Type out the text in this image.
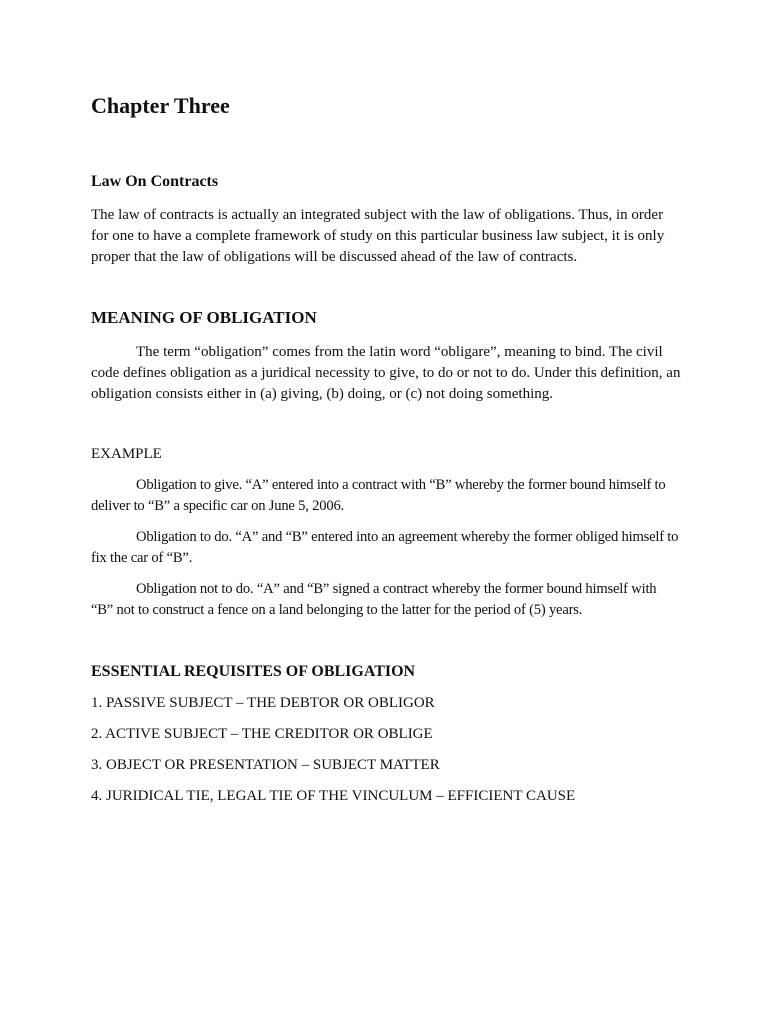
Chapter Three
Law On Contracts

The law of contracts is actually an integrated subject with the law of obligations. Thus, in order for one to have a complete framework of study on this particular business law subject, it is only proper that the law of obligations will be discussed ahead of the law of contracts.

MEANING OF OBLIGATION

The term “obligation” comes from the latin word “obligare”, meaning to bind. The civil code defines obligation as a juridical necessity to give, to do or not to do. Under this definition, an obligation consists either in (a) giving, (b) doing, or (c) not doing something.

EXAMPLE

Obligation to give. “A” entered into a contract with “B” whereby the former bound himself to deliver to “B” a specific car on June 5, 2006.

Obligation to do. “A” and “B” entered into an agreement whereby the former obliged himself to fix the car of “B”.

Obligation not to do. “A” and “B” signed a contract whereby the former bound himself with “B” not to construct a fence on a land belonging to the latter for the period of (5) years.

ESSENTIAL REQUISITES OF OBLIGATION
1. PASSIVE SUBJECT – THE DEBTOR OR OBLIGOR
2. ACTIVE SUBJECT – THE CREDITOR OR OBLIGE
3. OBJECT OR PRESENTATION – SUBJECT MATTER
4. JURIDICAL TIE, LEGAL TIE OF THE VINCULUM – EFFICIENT CAUSE
